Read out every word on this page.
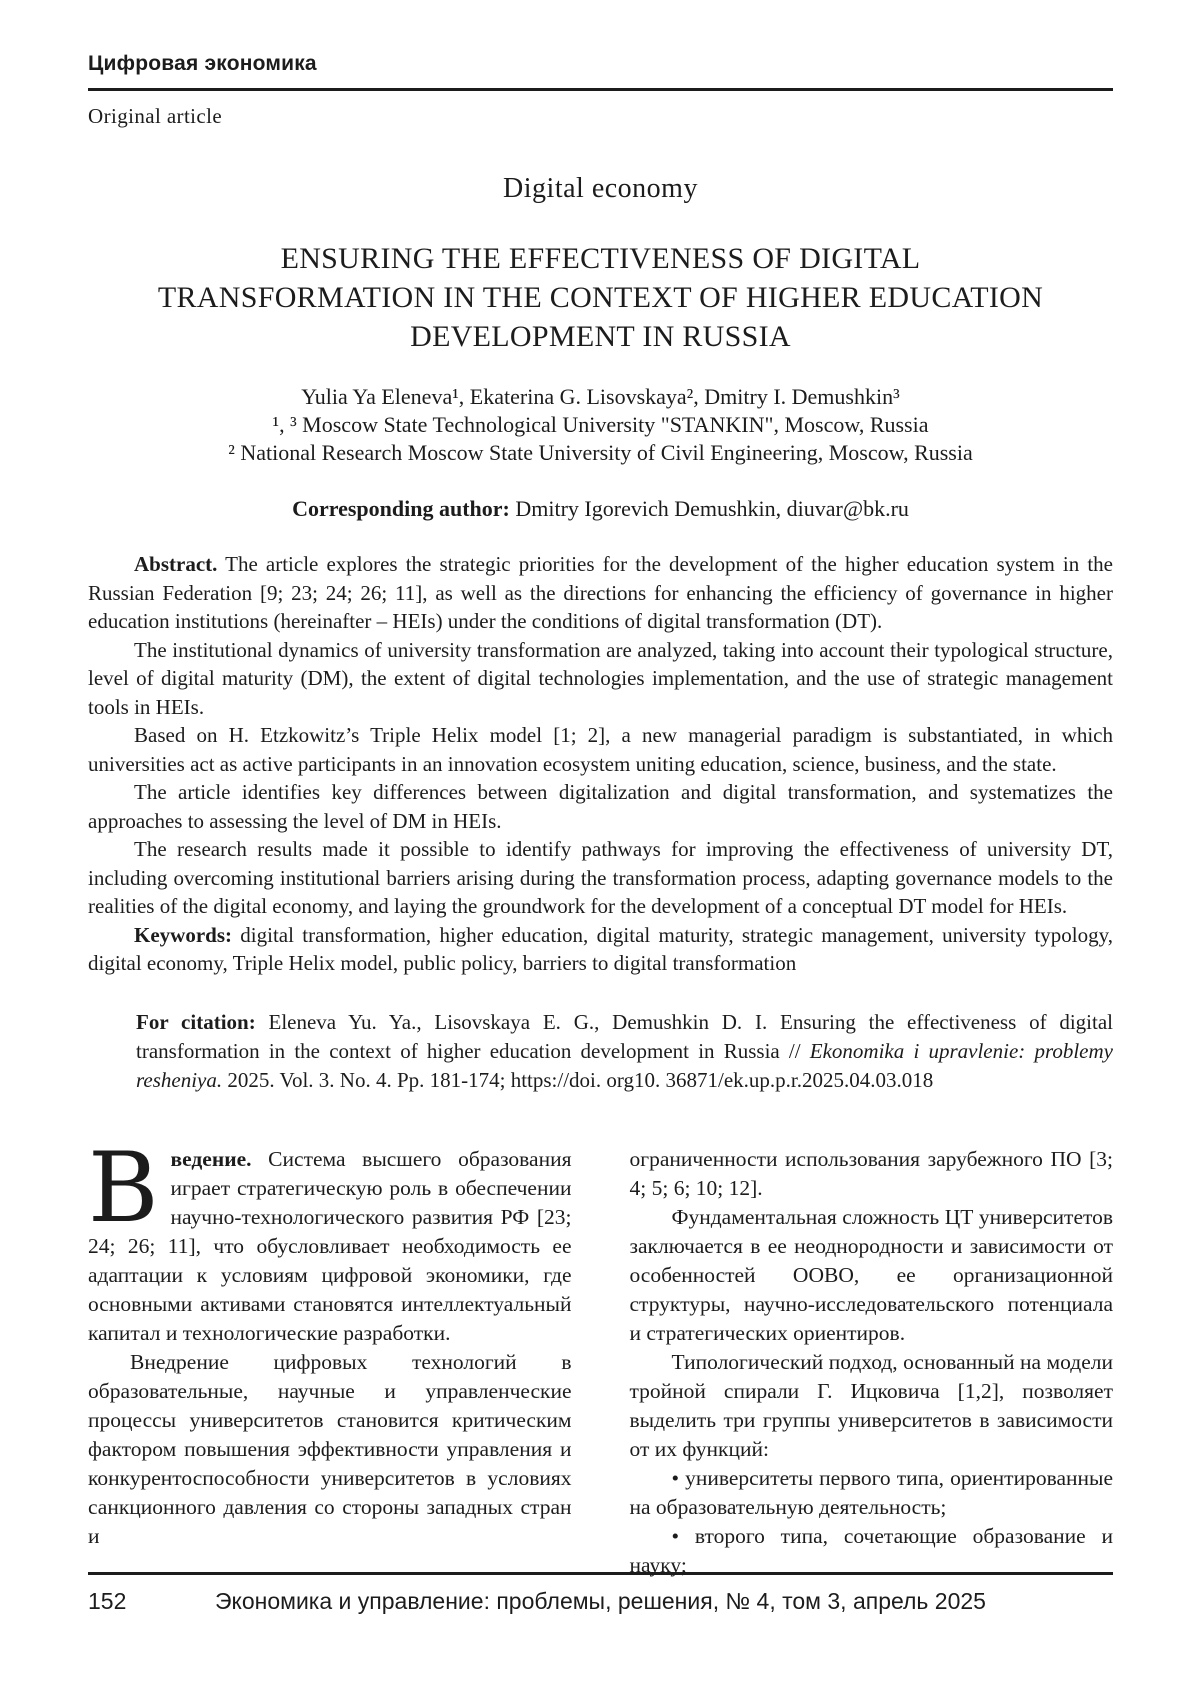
Цифровая экономика
Original article
Digital economy
ENSURING THE EFFECTIVENESS OF DIGITAL TRANSFORMATION IN THE CONTEXT OF HIGHER EDUCATION DEVELOPMENT IN RUSSIA
Yulia Ya Eleneva¹, Ekaterina G. Lisovskaya², Dmitry I. Demushkin³
¹, ³ Moscow State Technological University "STANKIN", Moscow, Russia
² National Research Moscow State University of Civil Engineering, Moscow, Russia
Corresponding author: Dmitry Igorevich Demushkin, diuvar@bk.ru

Abstract. The article explores the strategic priorities for the development of the higher education system in the Russian Federation [9; 23; 24; 26; 11], as well as the directions for enhancing the efficiency of governance in higher education institutions (hereinafter – HEIs) under the conditions of digital transformation (DT).

The institutional dynamics of university transformation are analyzed, taking into account their typological structure, level of digital maturity (DM), the extent of digital technologies implementation, and the use of strategic management tools in HEIs.

Based on H. Etzkowitz’s Triple Helix model [1; 2], a new managerial paradigm is substantiated, in which universities act as active participants in an innovation ecosystem uniting education, science, business, and the state.

The article identifies key differences between digitalization and digital transformation, and systematizes the approaches to assessing the level of DM in HEIs.

The research results made it possible to identify pathways for improving the effectiveness of university DT, including overcoming institutional barriers arising during the transformation process, adapting governance models to the realities of the digital economy, and laying the groundwork for the development of a conceptual DT model for HEIs.

Keywords: digital transformation, higher education, digital maturity, strategic management, university typology, digital economy, Triple Helix model, public policy, barriers to digital transformation

For citation: Eleneva Yu. Ya., Lisovskaya E. G., Demushkin D. I. Ensuring the effectiveness of digital transformation in the context of higher education development in Russia // Ekonomika i upravlenie: problemy resheniya. 2025. Vol. 3. No. 4. Pp. 181-174; https://doi. org10. 36871/ek.up.p.r.2025.04.03.018

Введение. Система высшего образования играет стратегическую роль в обеспечении научно-технологического развития РФ [23; 24; 26; 11], что обусловливает необходимость ее адаптации к условиям цифровой экономики, где основными активами становятся интеллектуальный капитал и технологические разработки.

Внедрение цифровых технологий в образовательные, научные и управленческие процессы университетов становится критическим фактором повышения эффективности управления и конкурентоспособности университетов в условиях санкционного давления со стороны западных стран и

ограниченности использования зарубежного ПО [3; 4; 5; 6; 10; 12].

Фундаментальная сложность ЦТ университетов заключается в ее неоднородности и зависимости от особенностей ООВО, ее организационной структуры, научно-исследовательского потенциала и стратегических ориентиров.

Типологический подход, основанный на модели тройной спирали Г. Ицковича [1,2], позволяет выделить три группы университетов в зависимости от их функций:

• университеты первого типа, ориентированные на образовательную деятельность;

• второго типа, сочетающие образование и науку;

152	Экономика и управление: проблемы, решения, № 4, том 3, апрель 2025
